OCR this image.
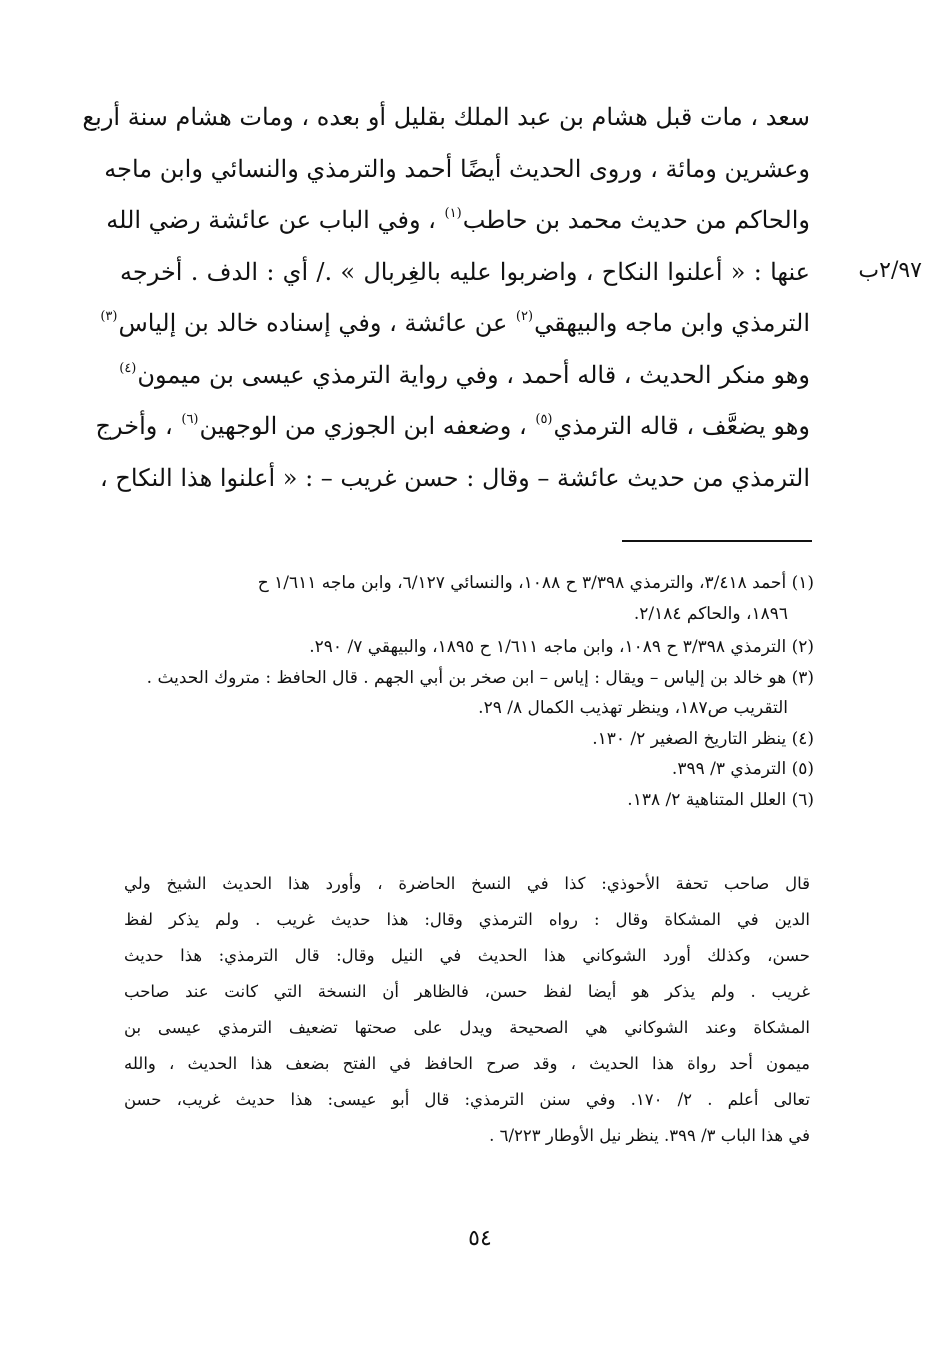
٢/٩٧ب
سعد ، مات قبل هشام بن عبد الملك بقليل أو بعده ، ومات هشام سنة أربع
وعشرين ومائة ، وروى الحديث أيضًا أحمد والترمذي والنسائي وابن ماجه
والحاكم من حديث محمد بن حاطب$^{(١)}$ ، وفي الباب عن عائشة رضي الله
عنها : « أعلنوا النكاح ، واضربوا عليه بالغِربال » ./ أي : الدف . أخرجه
الترمذي وابن ماجه والبيهقي$^{(٢)}$ عن عائشة ، وفي إسناده خالد بن إلياس$^{(٣)}$
وهو منكر الحديث ، قاله أحمد ، وفي رواية الترمذي عيسى بن ميمون$^{(٤)}$
وهو يضعَّف ، قاله الترمذي$^{(٥)}$ ، وضعفه ابن الجوزي من الوجهين$^{(٦)}$ ، وأخرج
الترمذي من حديث عائشة – وقال : حسن غريب – : « أعلنوا هذا النكاح ،
(١) أحمد ٣/٤١٨، والترمذي ٣/٣٩٨ ح ١٠٨٨، والنسائي ٦/١٢٧، وابن ماجه ١/٦١١ ح
١٨٩٦، والحاكم ٢/١٨٤.
(٢) الترمذي ٣/٣٩٨ ح ١٠٨٩، وابن ماجه ١/٦١١ ح ١٨٩٥، والبيهقي ٧/ ٢٩٠.
(٣) هو خالد بن إلياس – ويقال : إياس – ابن صخر بن أبي الجهم . قال الحافظ : متروك الحديث .
التقريب ص١٨٧، وينظر تهذيب الكمال ٨/ ٢٩.
(٤) ينظر التاريخ الصغير ٢/ ١٣٠.
(٥) الترمذي ٣/ ٣٩٩.
(٦) العلل المتناهية ٢/ ١٣٨.
قال صاحب تحفة الأحوذي: كذا في النسخ الحاضرة ، وأورد هذا الحديث الشيخ ولي
الدين في المشكاة وقال : رواه الترمذي وقال: هذا حديث غريب . ولم يذكر لفظ
حسن، وكذلك أورد الشوكاني هذا الحديث في النيل وقال: قال الترمذي: هذا حديث
غريب . ولم يذكر هو أيضا لفظ حسن، فالظاهر أن النسخة التي كانت عند صاحب
المشكاة وعند الشوكاني هي الصحيحة ويدل على صحتها تضعيف الترمذي عيسى بن
ميمون أحد رواة هذا الحديث ، وقد صرح الحافظ في الفتح بضعف هذا الحديث ، والله
تعالى أعلم . ٢/ ١٧٠. وفي سنن الترمذي: قال أبو عيسى: هذا حديث غريب، حسن
في هذا الباب ٣/ ٣٩٩. ينظر نيل الأوطار ٦/٢٢٣ .
٥٤
